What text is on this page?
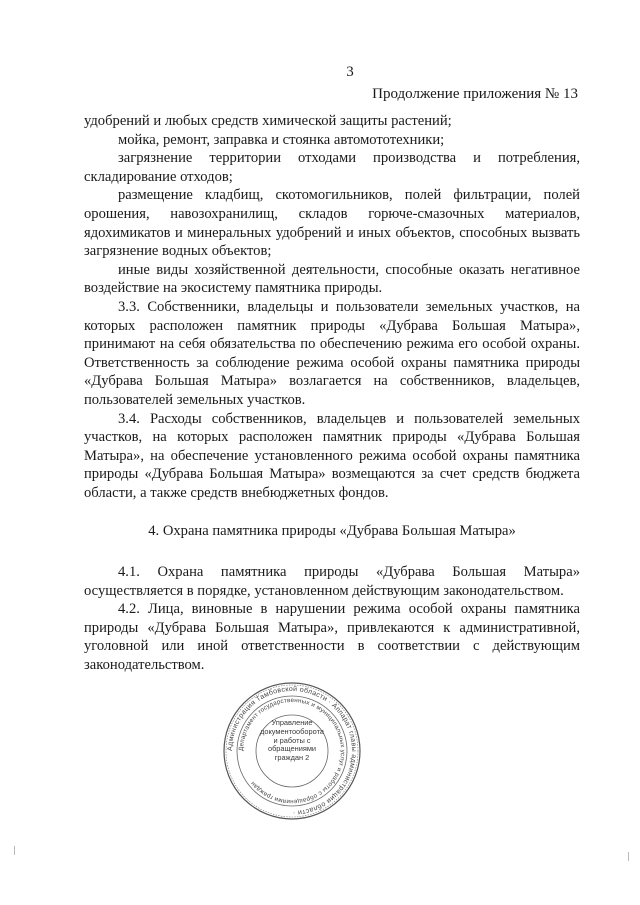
3
Продолжение приложения № 13

удобрений и любых средств химической защиты растений;

мойка, ремонт, заправка и стоянка автомототехники;

загрязнение территории отходами производства и потребления, складирование отходов;

размещение кладбищ, скотомогильников, полей фильтрации, полей орошения, навозохранилищ, складов горюче-смазочных материалов, ядохимикатов и минеральных удобрений и иных объектов, способных вызвать загрязнение водных объектов;

иные виды хозяйственной деятельности, способные оказать негативное воздействие на экосистему памятника природы.

3.3. Собственники, владельцы и пользователи земельных участков, на которых расположен памятник природы «Дубрава Большая Матыра», принимают на себя обязательства по обеспечению режима его особой охраны. Ответственность за соблюдение режима особой охраны памятника природы «Дубрава Большая Матыра» возлагается на собственников, владельцев, пользователей земельных участков.

3.4. Расходы собственников, владельцев и пользователей земельных участков, на которых расположен памятник природы «Дубрава Большая Матыра», на обеспечение установленного режима особой охраны памятника природы «Дубрава Большая Матыра» возмещаются за счет средств бюджета области, а также средств внебюджетных фондов.

4. Охрана памятника природы «Дубрава Большая Матыра»

4.1. Охрана памятника природы «Дубрава Большая Матыра» осуществляется в порядке, установленном действующим законодательством.

4.2. Лица, виновные в нарушении режима особой охраны памятника природы «Дубрава Большая Матыра», привлекаются к административной, уголовной или иной ответственности в соответствии с действующим законодательством.

Администрация Тамбовской области · Аппарат главы администрации области ·
Департамент государственных и муниципальных услуг и работы с обращениями граждан
Управление документооборота и работы с обращениями граждан 2
